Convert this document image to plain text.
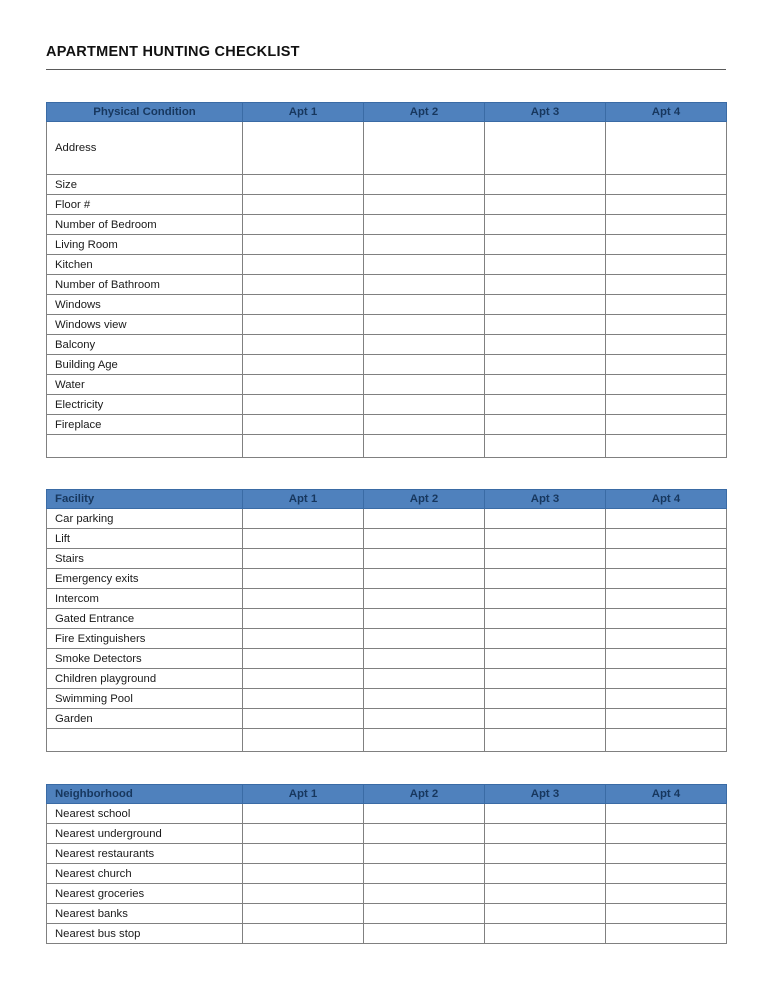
APARTMENT HUNTING CHECKLIST
Physical Condition	Apt 1	Apt 2	Apt 3	Apt 4
Address				
Size				
Floor #				
Number of Bedroom				
Living Room				
Kitchen				
Number of Bathroom				
Windows				
Windows view				
Balcony				
Building Age				
Water				
Electricity				
Fireplace				

Facility	Apt 1	Apt 2	Apt 3	Apt 4
Car parking				
Lift				
Stairs				
Emergency exits				
Intercom				
Gated Entrance				
Fire Extinguishers				
Smoke Detectors				
Children playground				
Swimming Pool				
Garden				

Neighborhood	Apt 1	Apt 2	Apt 3	Apt 4
Nearest school				
Nearest underground				
Nearest restaurants				
Nearest church				
Nearest groceries				
Nearest banks				
Nearest bus stop				
